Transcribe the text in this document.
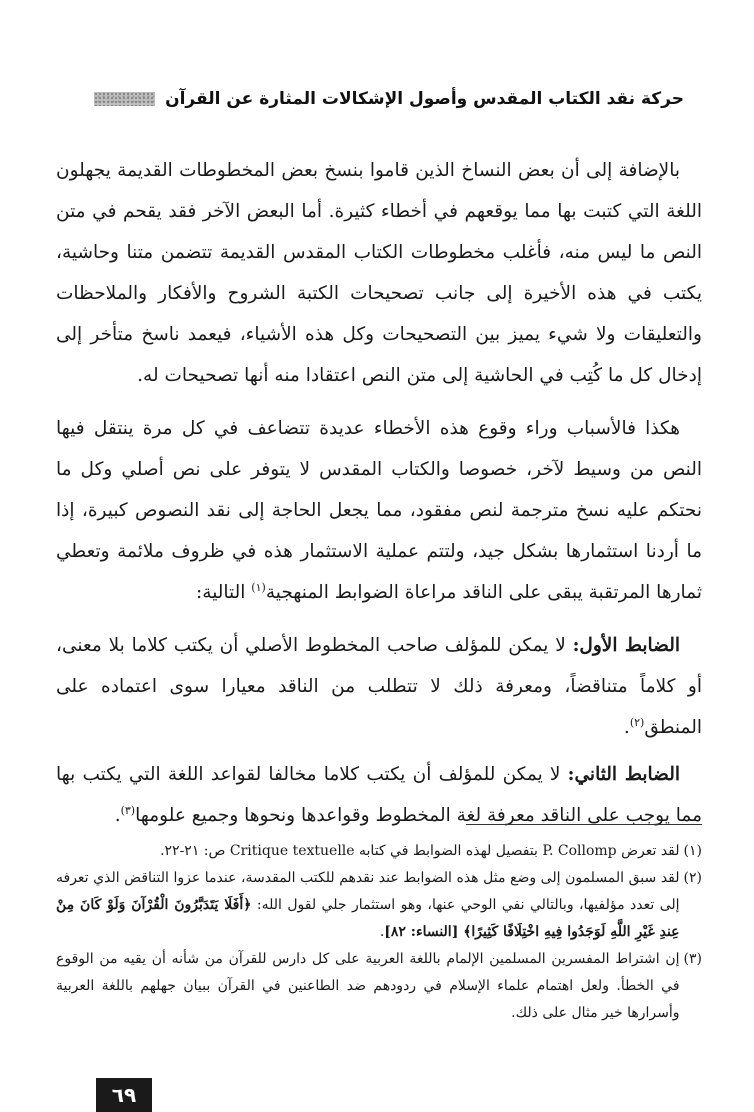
حركة نقد الكتاب المقدس وأصول الإشكالات المثارة عن القرآن

بالإضافة إلى أن بعض النساخ الذين قاموا بنسخ بعض المخطوطات القديمة يجهلون اللغة التي كتبت بها مما يوقعهم في أخطاء كثيرة. أما البعض الآخر فقد يقحم في متن النص ما ليس منه، فأغلب مخطوطات الكتاب المقدس القديمة تتضمن متنا وحاشية، يكتب في هذه الأخيرة إلى جانب تصحيحات الكتبة الشروح والأفكار والملاحظات والتعليقات ولا شيء يميز بين التصحيحات وكل هذه الأشياء، فيعمد ناسخ متأخر إلى إدخال كل ما كُتِب في الحاشية إلى متن النص اعتقادا منه أنها تصحيحات له.

هكذا فالأسباب وراء وقوع هذه الأخطاء عديدة تتضاعف في كل مرة ينتقل فيها النص من وسيط لآخر، خصوصا والكتاب المقدس لا يتوفر على نص أصلي وكل ما نحتكم عليه نسخ مترجمة لنص مفقود، مما يجعل الحاجة إلى نقد النصوص كبيرة، إذا ما أردنا استثمارها بشكل جيد، ولتتم عملية الاستثمار هذه في ظروف ملائمة وتعطي ثمارها المرتقبة يبقى على الناقد مراعاة الضوابط المنهجية$^{(١)}$ التالية:

الضابط الأول: لا يمكن للمؤلف صاحب المخطوط الأصلي أن يكتب كلاما بلا معنى، أو كلاماً متناقضاً، ومعرفة ذلك لا تتطلب من الناقد معيارا سوى اعتماده على المنطق$^{(٢)}$.

الضابط الثاني: لا يمكن للمؤلف أن يكتب كلاما مخالفا لقواعد اللغة التي يكتب بها مما يوجب على الناقد معرفة لغة المخطوط وقواعدها ونحوها وجميع علومها$^{(٣)}$.

(١)
لقد تعرض P. Collomp بتفصيل لهذه الضوابط في كتابه Critique textuelle ص: ٢١-٢٢.

(٢)
لقد سبق المسلمون إلى وضع مثل هذه الضوابط عند نقدهم للكتب المقدسة، عندما عزوا التناقض الذي تعرفه إلى تعدد مؤلفيها، وبالتالي نفي الوحي عنها، وهو استثمار جلي لقول الله: ﴿أَفَلَا يَتَدَبَّرُونَ الْقُرْآنَ وَلَوْ كَانَ مِنْ عِندِ غَيْرِ اللَّهِ لَوَجَدُوا فِيهِ اخْتِلَافًا كَثِيرًا﴾ [النساء: ٨٢].

(٣)
إن اشتراط المفسرين المسلمين الإلمام باللغة العربية على كل دارس للقرآن من شأنه أن يقيه من الوقوع في الخطأ. ولعل اهتمام علماء الإسلام في ردودهم ضد الطاعنين في القرآن ببيان جهلهم باللغة العربية وأسرارها خير مثال على ذلك.

٦٩
